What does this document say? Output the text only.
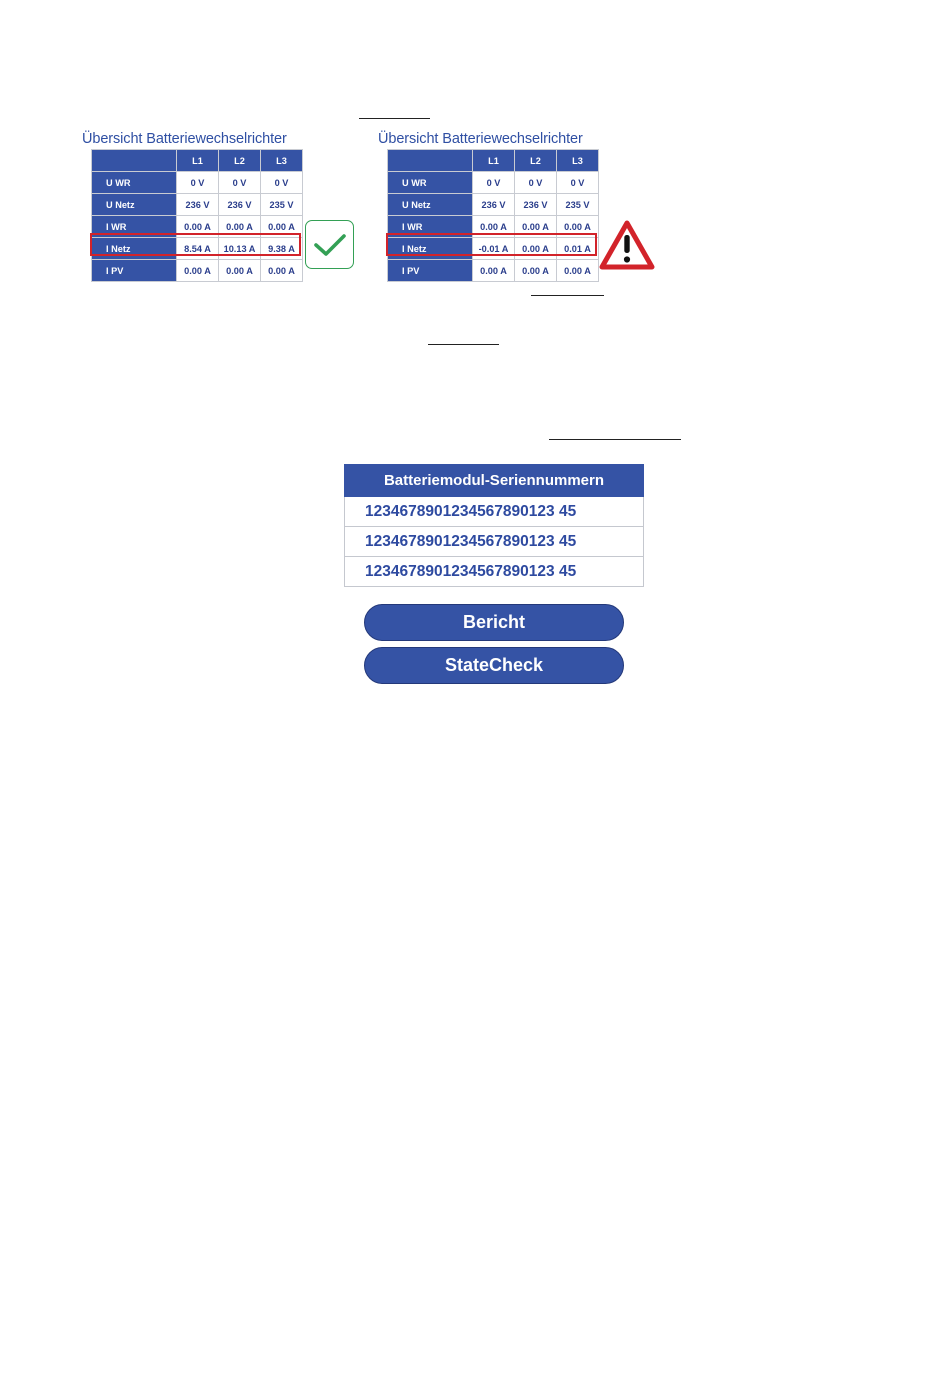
Übersicht Batteriewechselrichter
	L1	L2	L3
U WR	0 V	0 V	0 V
U Netz	236 V	236 V	235 V
I WR	0.00 A	0.00 A	0.00 A
I Netz	8.54 A	10.13 A	9.38 A
I PV	0.00 A	0.00 A	0.00 A
Übersicht Batteriewechselrichter
	L1	L2	L3
U WR	0 V	0 V	0 V
U Netz	236 V	236 V	235 V
I WR	0.00 A	0.00 A	0.00 A
I Netz	-0.01 A	0.00 A	0.01 A
I PV	0.00 A	0.00 A	0.00 A
Batteriemodul-Seriennummern
1234678901234567890123 45
1234678901234567890123 45
1234678901234567890123 45
Bericht
StateCheck
